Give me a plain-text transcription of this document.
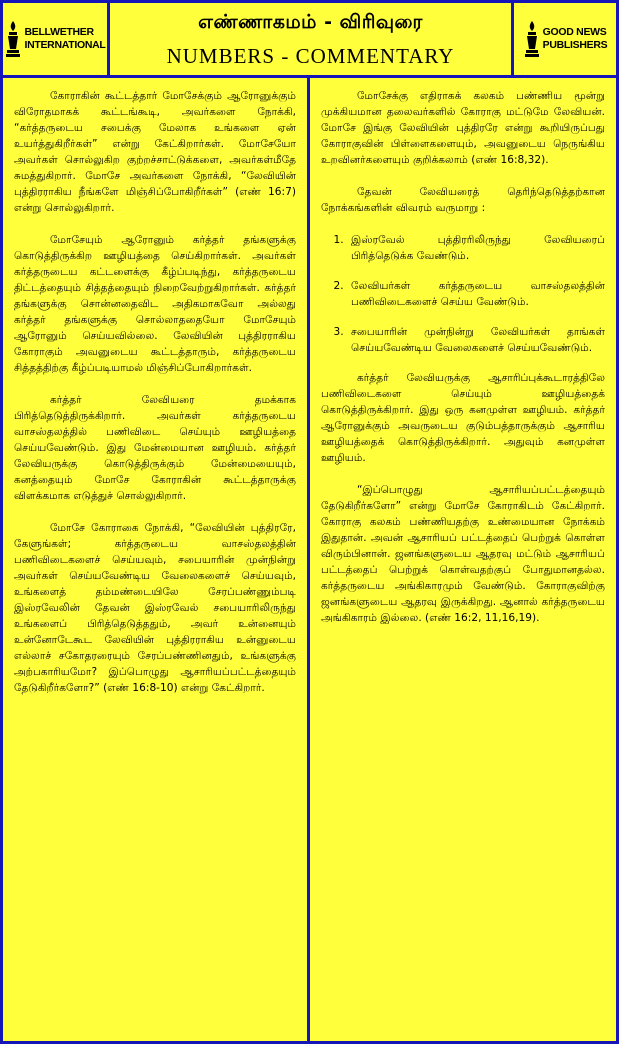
BELLWETHER
INTERNATIONAL
எண்ணாகமம் - விரிவுரை
NUMBERS - COMMENTARY
GOOD NEWS
PUBLISHERS

கோராகின் கூட்டத்தார் மோசேக்கும் ஆரோனுக்கும் விரோதமாகக் கூட்டங்கூடி, அவர்களை நோக்கி, “கர்த்தருடைய சபைக்கு மேலாக உங்களை ஏன் உயர்த்துகிறீர்கள்” என்று கேட்கிறார்கள். மோசேயோ அவர்கள் சொல்லுகிற குற்றச்சாட்டுக்களை, அவர்கள்மீதே சுமத்துகிறார். மோசே அவர்களை நோக்கி, “லேவியின் புத்திரராகிய நீங்களே மிஞ்சிப்போகிறீர்கள்” (எண் 16:7) என்று சொல்லுகிறார்.

மோசேயும் ஆரோனும் கர்த்தர் தங்களுக்கு கொடுத்திருக்கிற ஊழியத்தை செய்கிறார்கள். அவர்கள் கர்த்தருடைய கட்டளைக்கு கீழ்ப்படிந்து, கர்த்தருடைய திட்டத்தையும் சித்தத்தையும் நிறைவேற்றுகிறார்கள். கர்த்தர் தங்களுக்கு சொன்னதைவிட அதிகமாகவோ அல்லது கர்த்தர் தங்களுக்கு சொல்லாததையோ மோசேயும் ஆரோனும் செய்யவில்லை. லேவியின் புத்திரராகிய கோராகும் அவனுடைய கூட்டத்தாரும், கர்த்தருடைய சித்தத்திற்கு கீழ்ப்படியாமல் மிஞ்சிப்போகிறார்கள்.

கர்த்தர் லேவியரை தமக்காக பிரித்தெடுத்திருக்கிறார். அவர்கள் கர்த்தருடைய வாசஸ்தலத்தில் பணிவிடை செய்யும் ஊழியத்தை செய்யவேண்டும். இது மேன்மையான ஊழியம். கர்த்தர் லேவியருக்கு கொடுத்திருக்கும் மேன்மையையும், கனத்தையும் மோசே கோராகின் கூட்டத்தாருக்கு விளக்கமாக எடுத்துச் சொல்லுகிறார்.

மோசே கோராகை நோக்கி, “லேவியின் புத்திரரே, கேளுங்கள்; கர்த்தருடைய வாசஸ்தலத்தின் பணிவிடைகளைச் செய்யவும், சபையாரின் முன்நின்று அவர்கள் செய்யவேண்டிய வேலைகளைச் செய்யவும், உங்களைத் தம்மண்டையிலே சேரப்பண்ணும்படி இஸ்ரவேலின் தேவன் இஸ்ரவேல் சபையாரிலிருந்து உங்களைப் பிரித்தெடுத்ததும், அவர் உன்னையும் உன்னோடேகூட லேவியின் புத்திரராகிய உன்னுடைய எல்லாச் சகோதரரையும் சேரப்பண்ணினதும், உங்களுக்கு அற்பகாரியமோ? இப்பொழுது ஆசாரியப்பட்டத்தையும் தேடுகிறீர்களோ?” (எண் 16:8-10) என்று கேட்கிறார்.

மோசேக்கு எதிராகக் கலகம் பண்ணிய மூன்று முக்கியமான தலைவர்களில் கோராகு மட்டுமே லேவியன். மோசே இங்கு லேவியின் புத்திரரே என்று கூறியிருப்பது கோராகுவின் பிள்ளைகளையும், அவனுடைய நெருங்கிய உறவினர்களையும் குறிக்கலாம் (எண் 16:8,32).

தேவன் லேவியரைத் தெரிந்தெடுத்தற்கான நோக்கங்களின் விவரம் வருமாறு :

1. இஸ்ரவேல் புத்திரரிலிருந்து லேவியரைப் பிரித்தெடுக்க வேண்டும்.
2. லேவியர்கள் கர்த்தருடைய வாசஸ்தலத்தின் பணிவிடைகளைச் செய்ய வேண்டும்.
3. சபையாரின் முன்நின்று லேவியர்கள் தாங்கள் செய்யவேண்டிய வேலைகளைச் செய்யவேண்டும்.

கர்த்தர் லேவியருக்கு ஆசாரிப்புக்கூடாரத்திலே பணிவிடைகளை செய்யும் ஊழியத்தைக் கொடுத்திருக்கிறார். இது ஒரு கனமுள்ள ஊழியம். கர்த்தர் ஆரோனுக்கும் அவருடைய குடும்பத்தாருக்கும் ஆசாரிய ஊழியத்தைக் கொடுத்திருக்கிறார். அதுவும் கனமுள்ள ஊழியம்.

“இப்பொழுது ஆசாரியப்பட்டத்தையும் தேடுகிறீர்களோ” என்று மோசே கோராகிடம் கேட்கிறார். கோராகு கலகம் பண்ணியதற்கு உண்மையான நோக்கம் இதுதான். அவன் ஆசாரியப் பட்டத்தைப் பெற்றுக் கொள்ள விரும்பினான். ஜனங்களுடைய ஆதரவு மட்டும் ஆசாரியப் பட்டத்தைப் பெற்றுக் கொள்வதற்குப் போதுமானதல்ல. கர்த்தருடைய அங்கிகாரமும் வேண்டும். கோராகுவிற்கு ஜனங்களுடைய ஆதரவு இருக்கிறது. ஆனால் கர்த்தருடைய அங்கிகாரம் இல்லை. (எண் 16:2, 11,16,19).
